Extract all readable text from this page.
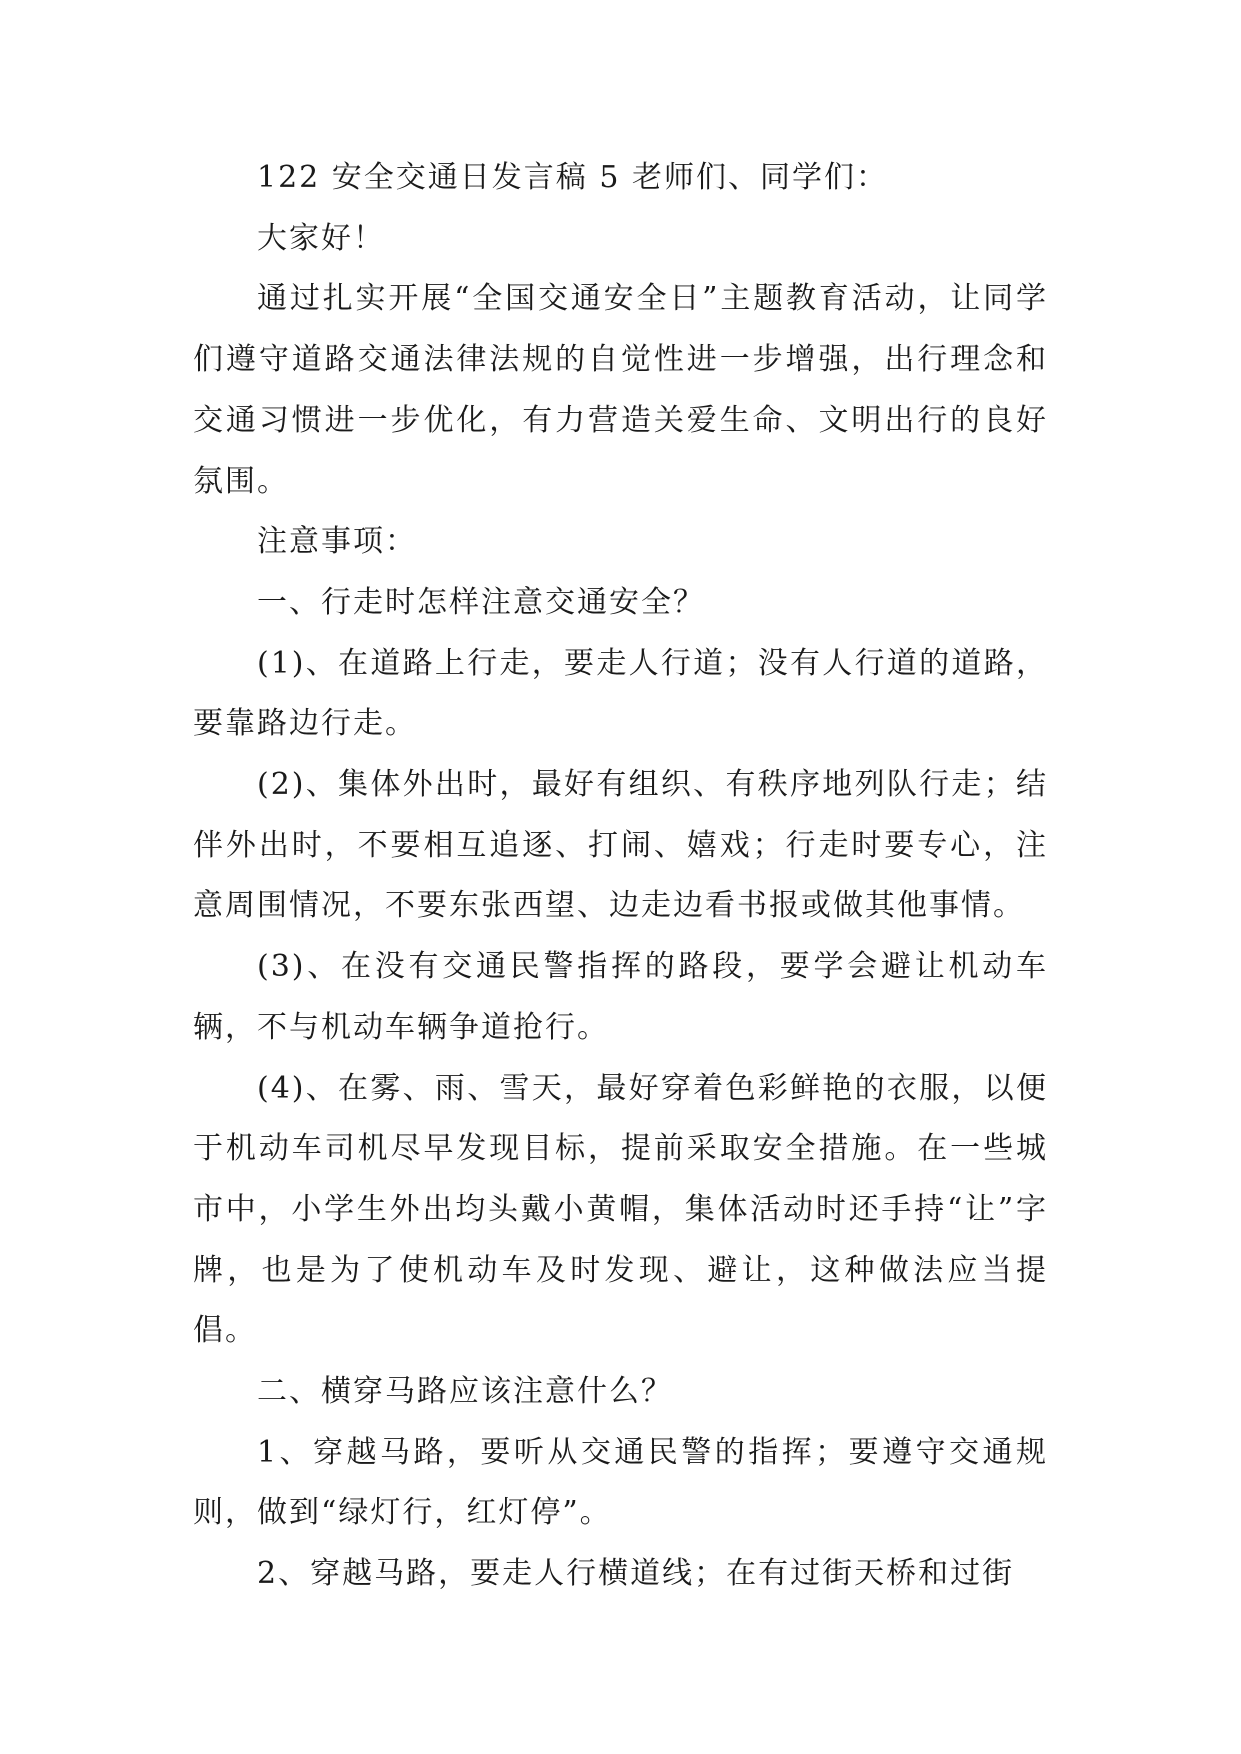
122 安全交通日发言稿 5 老师们、同学们：

大家好！

通过扎实开展“全国交通安全日”主题教育活动，让同学们遵守道路交通法律法规的自觉性进一步增强，出行理念和交通习惯进一步优化，有力营造关爱生命、文明出行的良好氛围。

注意事项：

一、行走时怎样注意交通安全？

(1)、在道路上行走，要走人行道；没有人行道的道路，要靠路边行走。

(2)、集体外出时，最好有组织、有秩序地列队行走；结伴外出时，不要相互追逐、打闹、嬉戏；行走时要专心，注意周围情况，不要东张西望、边走边看书报或做其他事情。

(3)、在没有交通民警指挥的路段，要学会避让机动车辆，不与机动车辆争道抢行。

(4)、在雾、雨、雪天，最好穿着色彩鲜艳的衣服，以便于机动车司机尽早发现目标，提前采取安全措施。在一些城市中，小学生外出均头戴小黄帽，集体活动时还手持“让”字牌，也是为了使机动车及时发现、避让，这种做法应当提倡。

二、横穿马路应该注意什么？

1、穿越马路，要听从交通民警的指挥；要遵守交通规则，做到“绿灯行，红灯停”。

2、穿越马路，要走人行横道线；在有过街天桥和过街
